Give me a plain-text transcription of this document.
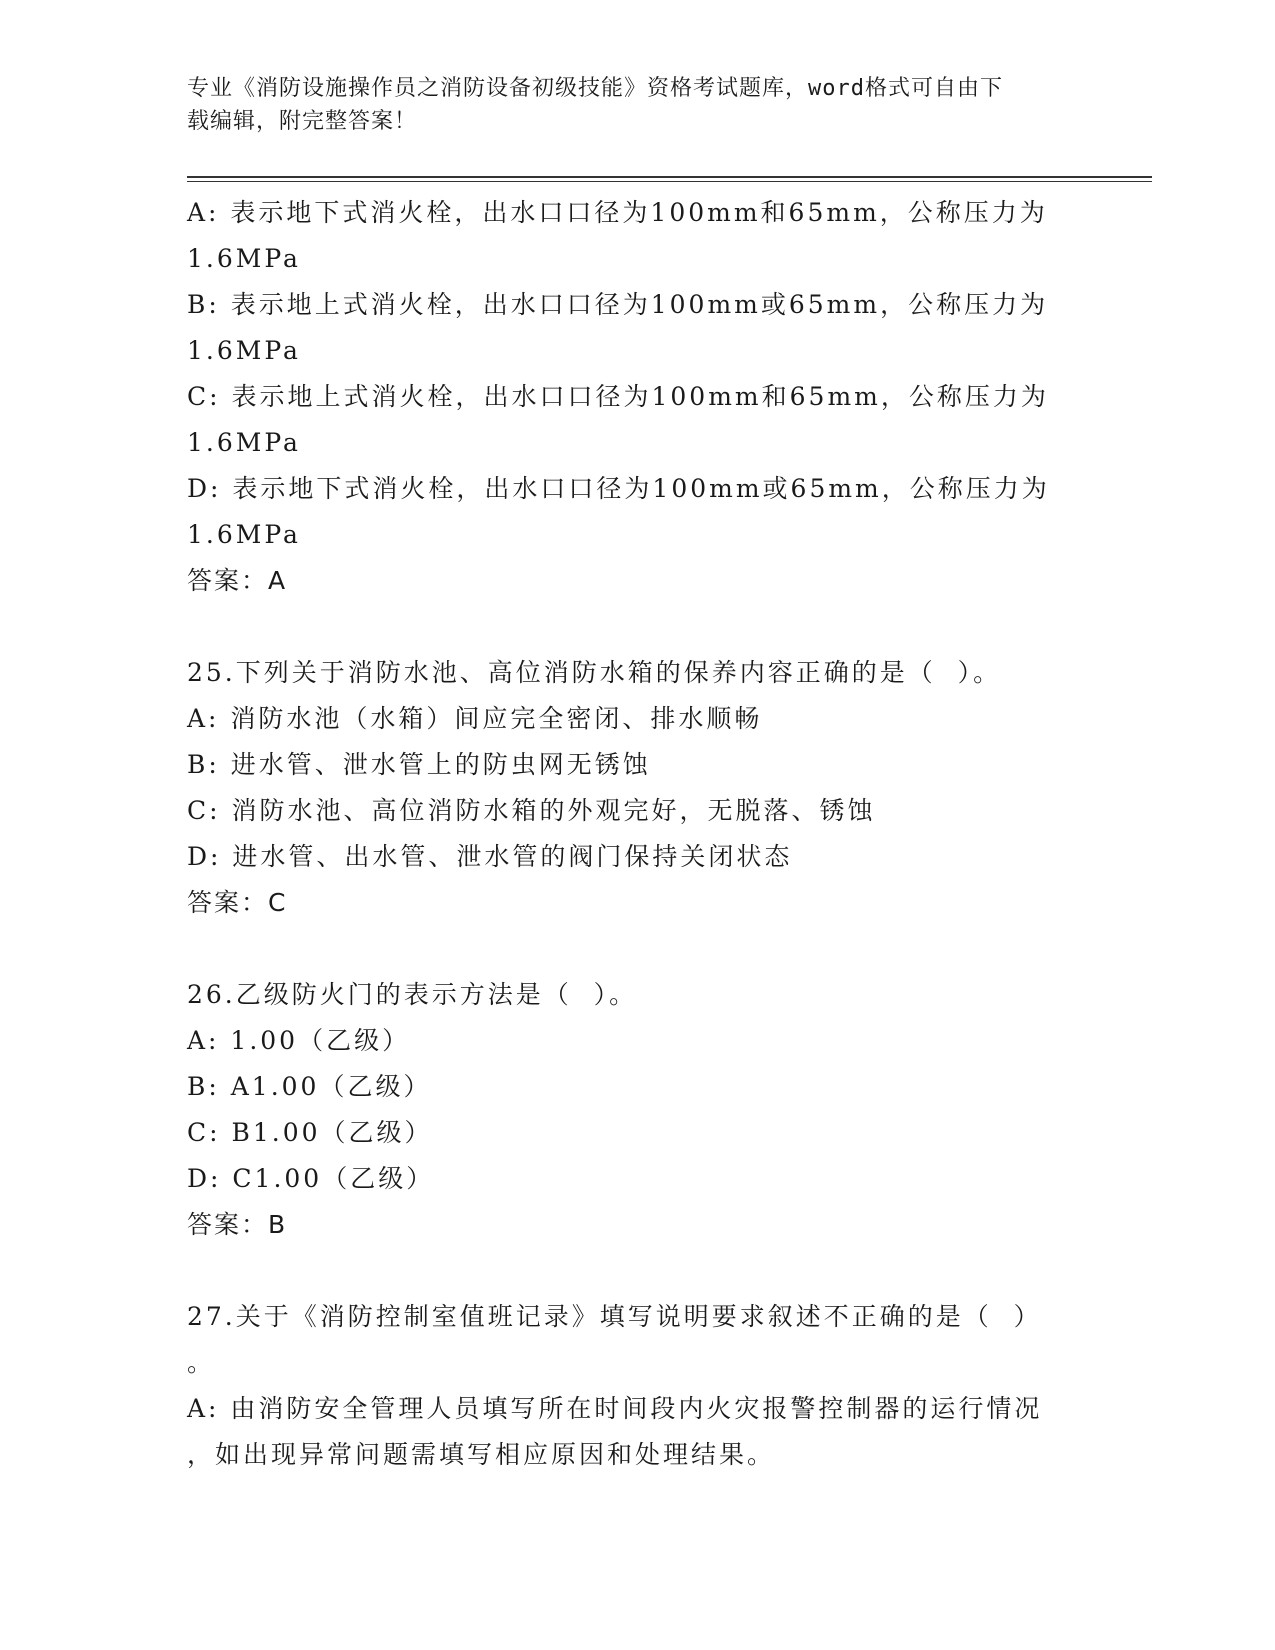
专业《消防设施操作员之消防设备初级技能》资格考试题库，word格式可自由下
载编辑，附完整答案！
A: 表示地下式消火栓，出水口口径为100mm和65mm，公称压力为
1.6MPa
B: 表示地上式消火栓，出水口口径为100mm或65mm，公称压力为
1.6MPa
C: 表示地上式消火栓，出水口口径为100mm和65mm，公称压力为
1.6MPa
D: 表示地下式消火栓，出水口口径为100mm或65mm，公称压力为
1.6MPa
答案：A
25.下列关于消防水池、高位消防水箱的保养内容正确的是（  ）。
A: 消防水池（水箱）间应完全密闭、排水顺畅
B: 进水管、泄水管上的防虫网无锈蚀
C: 消防水池、高位消防水箱的外观完好，无脱落、锈蚀
D: 进水管、出水管、泄水管的阀门保持关闭状态
答案：C
26.乙级防火门的表示方法是（  ）。
A: 1.00（乙级）
B: A1.00（乙级）
C: B1.00（乙级）
D: C1.00（乙级）
答案：B
27.关于《消防控制室值班记录》填写说明要求叙述不正确的是（  ）
。
A: 由消防安全管理人员填写所在时间段内火灾报警控制器的运行情况
，如出现异常问题需填写相应原因和处理结果。
